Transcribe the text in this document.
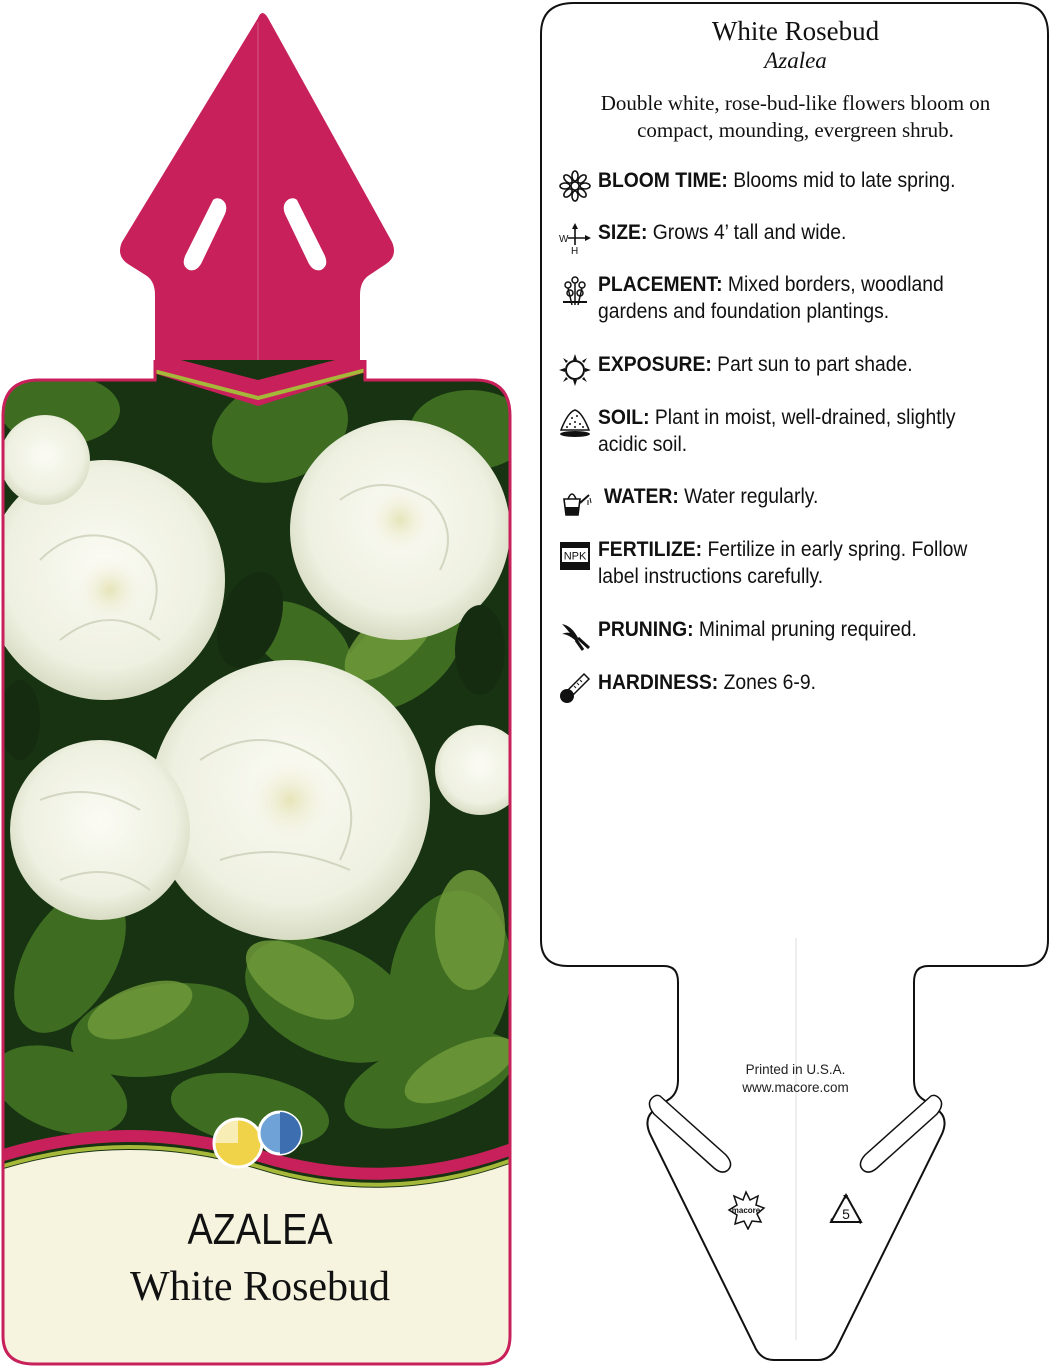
AZALEA
White Rosebud
White Rosebud
Azalea
Double white, rose-bud-like flowers bloom on compact, mounding, evergreen shrub.
BLOOM TIME: Blooms mid to late spring.
W
H
SIZE: Grows 4’ tall and wide.
PLACEMENT: Mixed borders, woodland gardens and foundation plantings.
EXPOSURE: Part sun to part shade.
SOIL: Plant in moist, well-drained, slightly acidic soil.
WATER: Water regularly.
NPK FERTILIZE: Fertilize in early spring. Follow label instructions carefully.
PRUNING: Minimal pruning required.
HARDINESS: Zones 6-9.
Printed in U.S.A.
www.macore.com
macore	5
